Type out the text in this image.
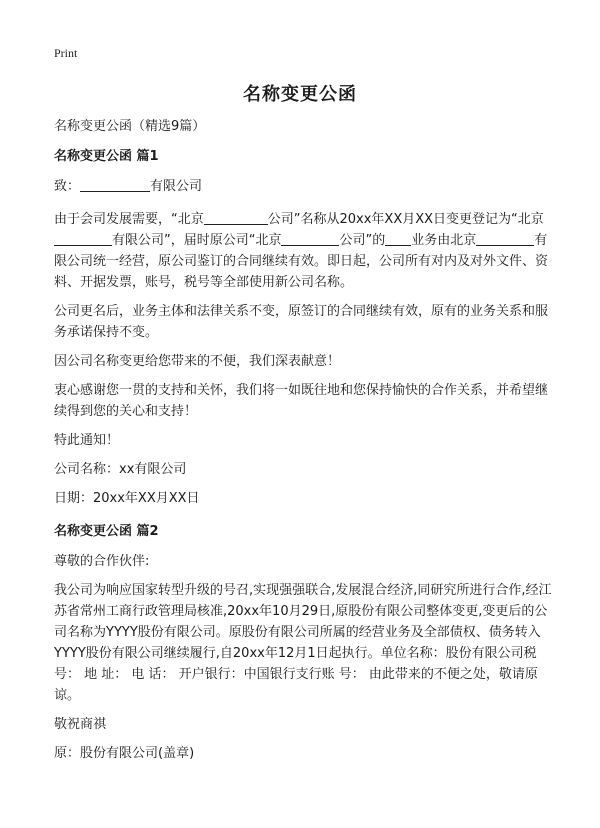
Print
名称变更公函

名称变更公函（精选9篇）

名称变更公函 篇1

致：	有限公司

由于会司发展需要，“北京	公司”名称从20xx年XX月XX日变更登记为“北京有限公司”，届时原公司“北京	公司”的 业务由北京	有限公司统一经营，原公司鉴订的合同继续有效。即日起，公司所有对内及对外文件、资料、开据发票，账号，税号等全部使用新公司名称。

公司更名后，业务主体和法律关系不变，原签订的合同继续有效，原有的业务关系和服务承诺保持不变。

因公司名称变更给您带来的不便，我们深表献意！

衷心感谢您一贯的支持和关怀，我们将一如既往地和您保持愉快的合作关系，并希望继续得到您的关心和支持！

特此通知！

公司名称：xx有限公司

日期：20xx年XX月XX日

名称变更公函 篇2

尊敬的合作伙伴:

我公司为响应国家转型升级的号召,实现强强联合,发展混合经济,同研究所进行合作,经江苏省常州工商行政管理局核准,20xx年10月29日,原股份有限公司整体变更,变更后的公司名称为YYYY股份有限公司。原股份有限公司所属的经营业务及全部债权、债务转入YYYY股份有限公司继续履行,自20xx年12月1日起执行。单位名称：股份有限公司税 号： 地 址： 电 话： 开户银行：中国银行支行账 号： 由此带来的不便之处，敬请原谅。

敬祝商祺

原：股份有限公司(盖章)
